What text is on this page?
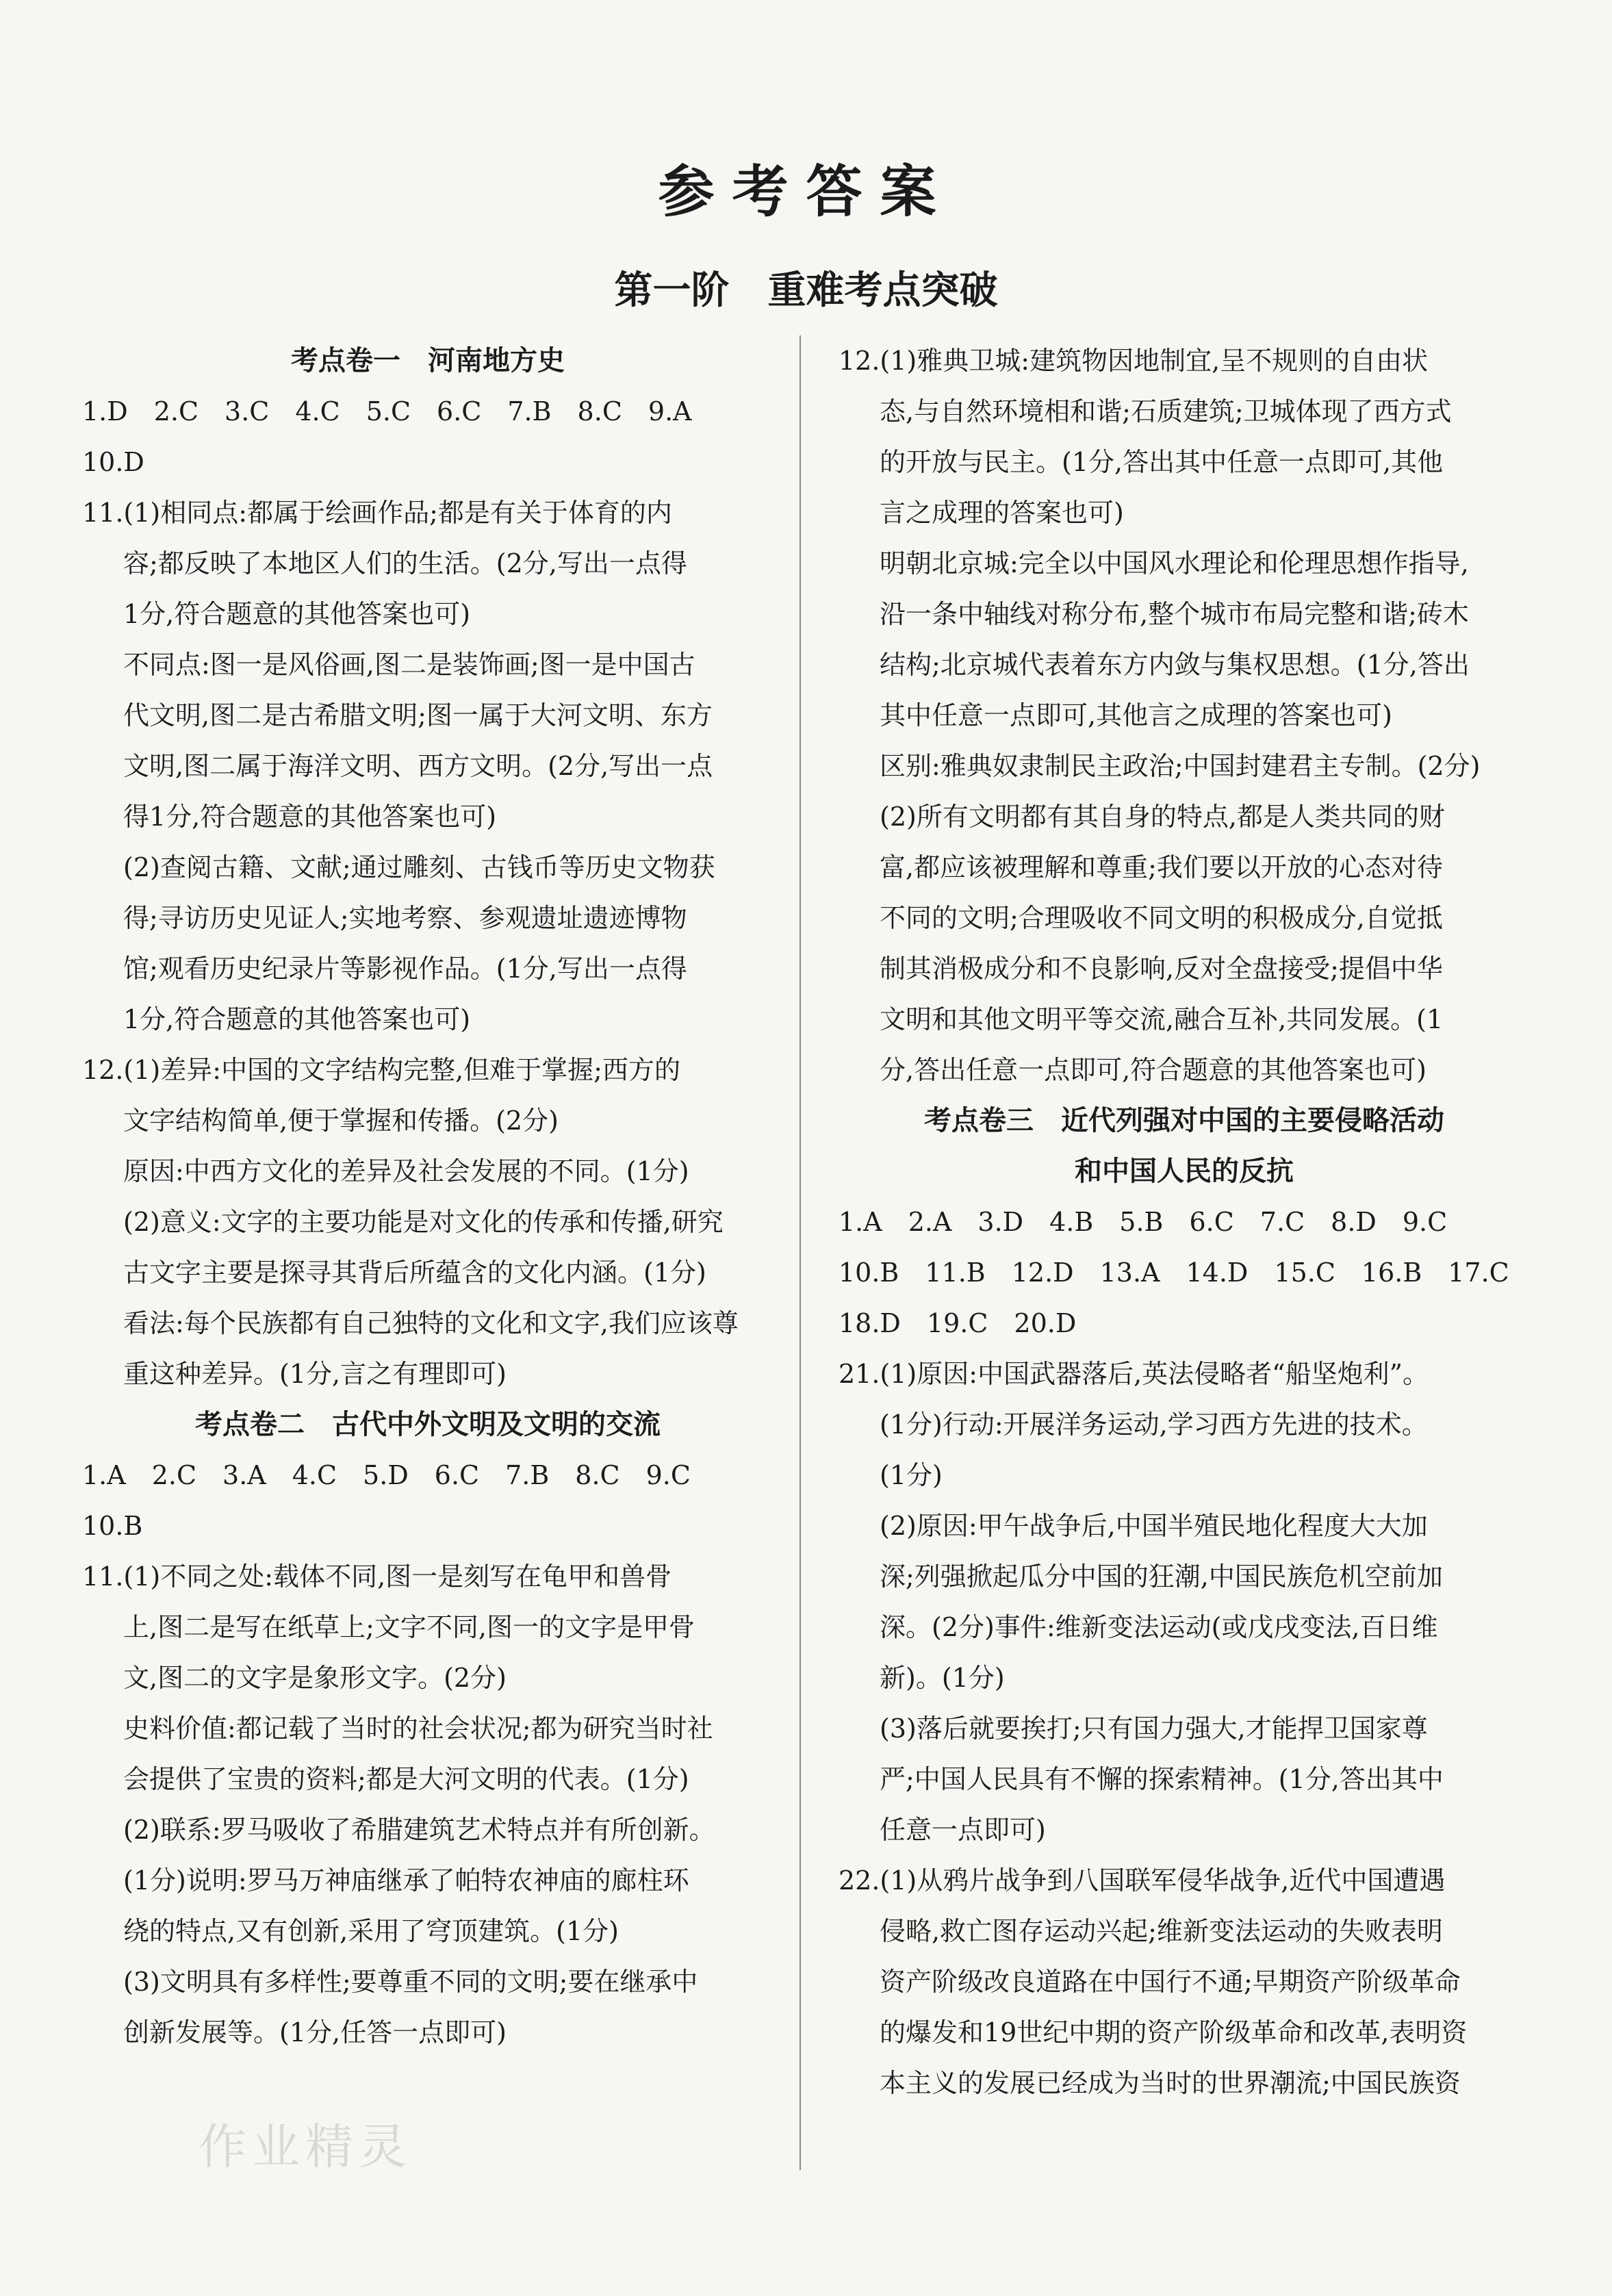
参考答案
第一阶　重难考点突破
考点卷一　河南地方史
1.D　2.C　3.C　4.C　5.C　6.C　7.B　8.C　9.A
10.D
11.(1)相同点:都属于绘画作品;都是有关于体育的内
容;都反映了本地区人们的生活。(2分,写出一点得
1分,符合题意的其他答案也可)
不同点:图一是风俗画,图二是装饰画;图一是中国古
代文明,图二是古希腊文明;图一属于大河文明、东方
文明,图二属于海洋文明、西方文明。(2分,写出一点
得1分,符合题意的其他答案也可)
(2)查阅古籍、文献;通过雕刻、古钱币等历史文物获
得;寻访历史见证人;实地考察、参观遗址遗迹博物
馆;观看历史纪录片等影视作品。(1分,写出一点得
1分,符合题意的其他答案也可)
12.(1)差异:中国的文字结构完整,但难于掌握;西方的
文字结构简单,便于掌握和传播。(2分)
原因:中西方文化的差异及社会发展的不同。(1分)
(2)意义:文字的主要功能是对文化的传承和传播,研究
古文字主要是探寻其背后所蕴含的文化内涵。(1分)
看法:每个民族都有自己独特的文化和文字,我们应该尊
重这种差异。(1分,言之有理即可)
考点卷二　古代中外文明及文明的交流
1.A　2.C　3.A　4.C　5.D　6.C　7.B　8.C　9.C
10.B
11.(1)不同之处:载体不同,图一是刻写在龟甲和兽骨
上,图二是写在纸草上;文字不同,图一的文字是甲骨
文,图二的文字是象形文字。(2分)
史料价值:都记载了当时的社会状况;都为研究当时社
会提供了宝贵的资料;都是大河文明的代表。(1分)
(2)联系:罗马吸收了希腊建筑艺术特点并有所创新。
(1分)说明:罗马万神庙继承了帕特农神庙的廊柱环
绕的特点,又有创新,采用了穹顶建筑。(1分)
(3)文明具有多样性;要尊重不同的文明;要在继承中
创新发展等。(1分,任答一点即可)
12.(1)雅典卫城:建筑物因地制宜,呈不规则的自由状
态,与自然环境相和谐;石质建筑;卫城体现了西方式
的开放与民主。(1分,答出其中任意一点即可,其他
言之成理的答案也可)
明朝北京城:完全以中国风水理论和伦理思想作指导,
沿一条中轴线对称分布,整个城市布局完整和谐;砖木
结构;北京城代表着东方内敛与集权思想。(1分,答出
其中任意一点即可,其他言之成理的答案也可)
区别:雅典奴隶制民主政治;中国封建君主专制。(2分)
(2)所有文明都有其自身的特点,都是人类共同的财
富,都应该被理解和尊重;我们要以开放的心态对待
不同的文明;合理吸收不同文明的积极成分,自觉抵
制其消极成分和不良影响,反对全盘接受;提倡中华
文明和其他文明平等交流,融合互补,共同发展。(1
分,答出任意一点即可,符合题意的其他答案也可)
考点卷三　近代列强对中国的主要侵略活动
和中国人民的反抗
1.A　2.A　3.D　4.B　5.B　6.C　7.C　8.D　9.C
10.B　11.B　12.D　13.A　14.D　15.C　16.B　17.C
18.D　19.C　20.D
21.(1)原因:中国武器落后,英法侵略者“船坚炮利”。
(1分)行动:开展洋务运动,学习西方先进的技术。
(1分)
(2)原因:甲午战争后,中国半殖民地化程度大大加
深;列强掀起瓜分中国的狂潮,中国民族危机空前加
深。(2分)事件:维新变法运动(或戊戌变法,百日维
新)。(1分)
(3)落后就要挨打;只有国力强大,才能捍卫国家尊
严;中国人民具有不懈的探索精神。(1分,答出其中
任意一点即可)
22.(1)从鸦片战争到八国联军侵华战争,近代中国遭遇
侵略,救亡图存运动兴起;维新变法运动的失败表明
资产阶级改良道路在中国行不通;早期资产阶级革命
的爆发和19世纪中期的资产阶级革命和改革,表明资
本主义的发展已经成为当时的世界潮流;中国民族资
作业精灵
